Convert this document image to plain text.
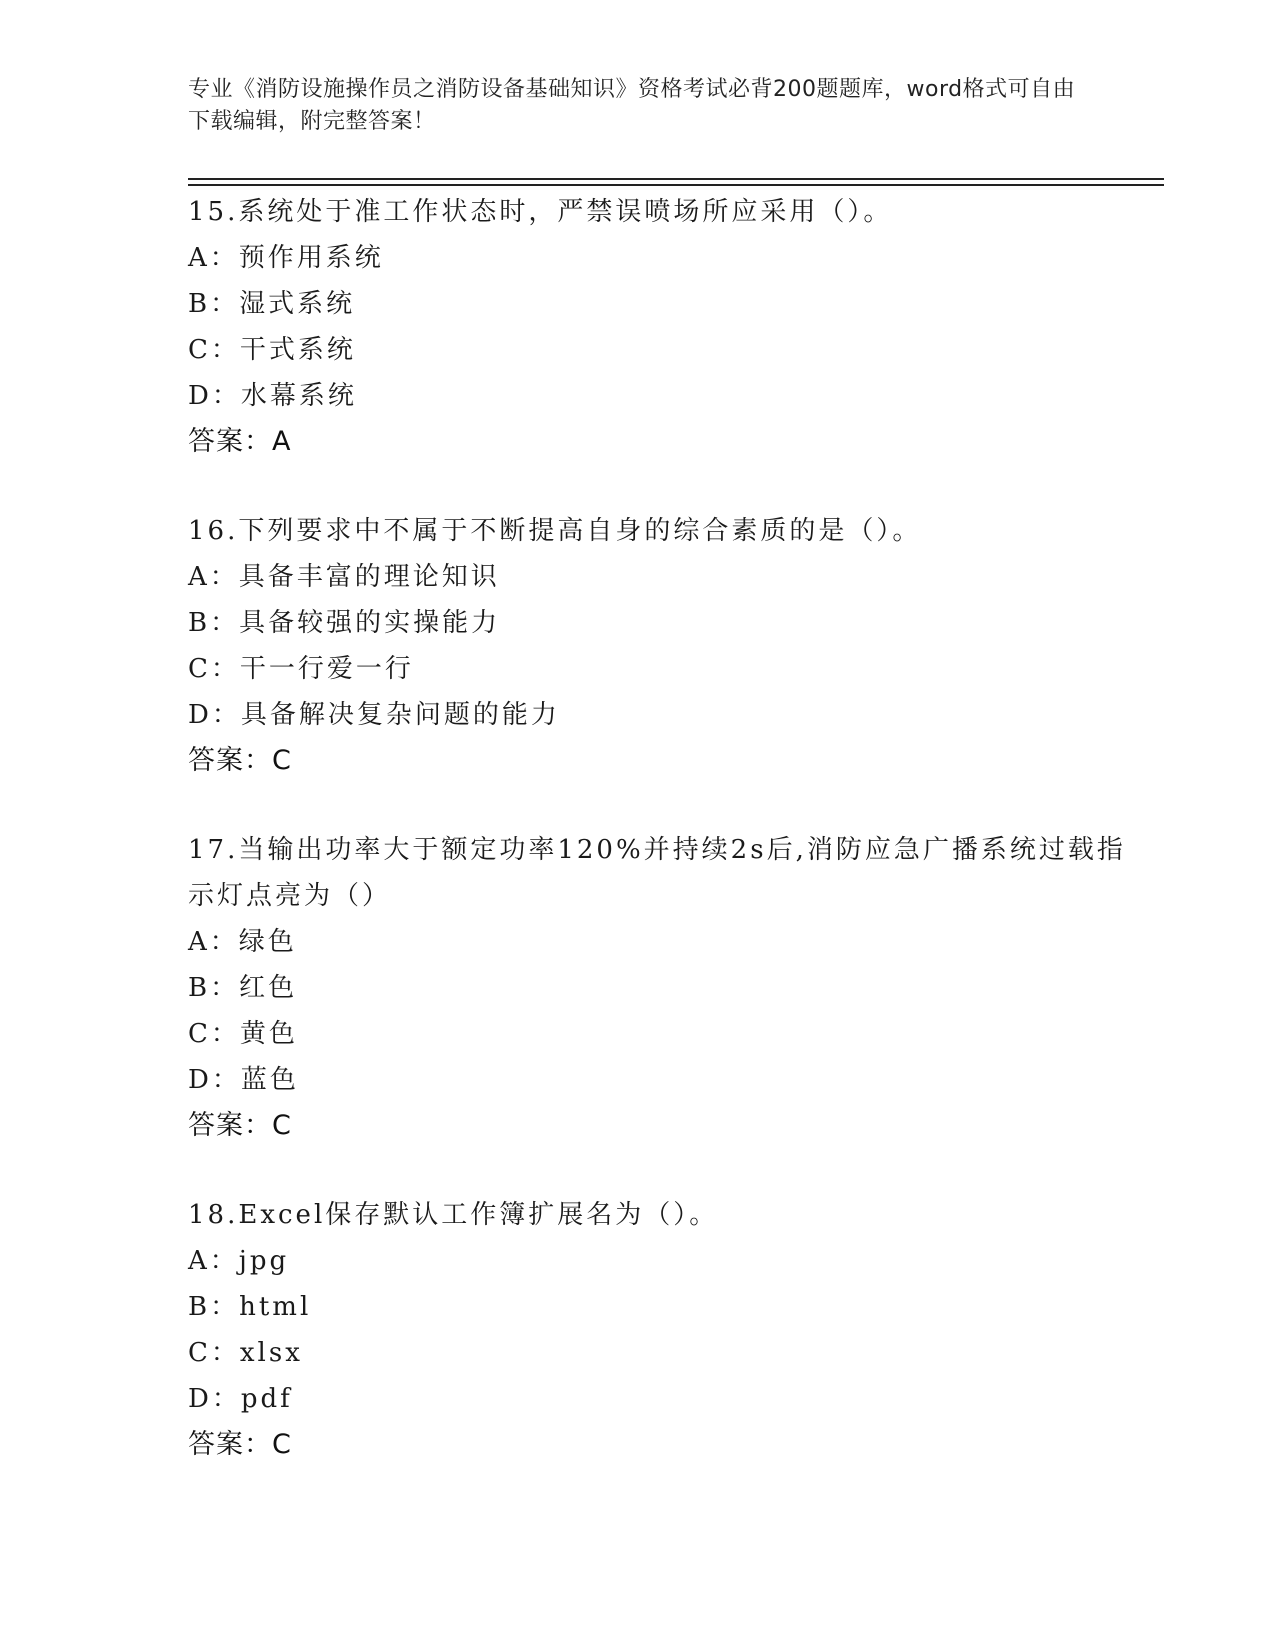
专业《消防设施操作员之消防设备基础知识》资格考试必背200题题库，word格式可自由下载编辑，附完整答案！
15.系统处于准工作状态时，严禁误喷场所应采用（）。
A：预作用系统
B：湿式系统
C：干式系统
D：水幕系统
答案：A
16.下列要求中不属于不断提高自身的综合素质的是（）。
A：具备丰富的理论知识
B：具备较强的实操能力
C：干一行爱一行
D：具备解决复杂问题的能力
答案：C
17.当输出功率大于额定功率120%并持续2s后,消防应急广播系统过载指示灯点亮为（）
A：绿色
B：红色
C：黄色
D：蓝色
答案：C
18.Excel保存默认工作簿扩展名为（）。
A：jpg
B：html
C：xlsx
D：pdf
答案：C
